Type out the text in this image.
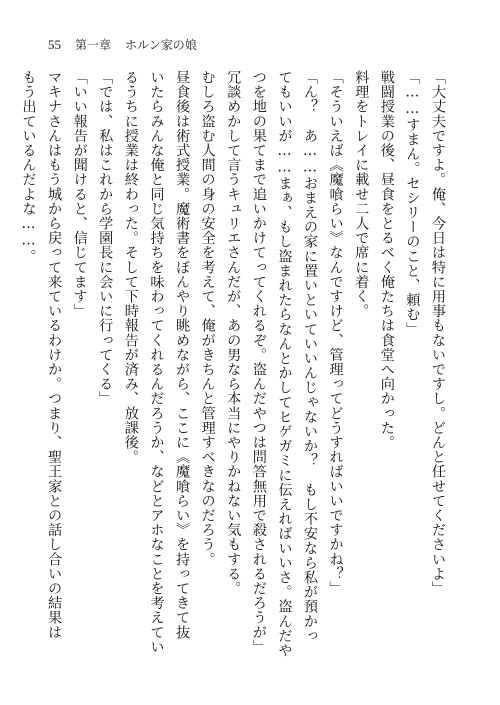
55 第一章 ホルン家の娘
「大丈夫ですよ。俺、今日は特に用事もないですし。どんと任せてくださいよ」
「……すまん。セシリーのこと、頼む」
戦闘授業の後、昼食をとるべく俺たちは食堂へ向かった。
料理をトレイに載せ二人で席に着く。
「そういえば《魔喰らい》なんですけど、管理ってどうすればいいですかね？」
「ん？　あ……おまえの家に置いといていいんじゃないか？　もし不安なら私が預かっ
てもいいが……まぁ、もし盗まれたらなんとかしてヒゲガミに伝えればいいさ。盗んだや
つを地の果てまで追いかけてってくれるぞ。盗んだやつは問答無用で殺されるだろうが」
冗談めかして言うキュリエさんだが、あの男なら本当にやりかねない気もする。
むしろ盗む人間の身の安全を考えて、俺がきちんと管理すべきなのだろう。
昼食後は術式授業。魔術書をぼんやり眺めながら、ここに《魔喰らい》を持ってきて抜
いたらみんな俺と同じ気持ちを味わってくれるんだろうか、などとアホなことを考えてい
るうちに授業は終わった。そして下時報告が済み、放課後。
「では、私はこれから学園長に会いに行ってくる」
「いい報告が聞けると、信じてます」
マキナさんはもう城から戻って来ているわけか。つまり、聖王家との話し合いの結果は
もう出ているんだよな……。
